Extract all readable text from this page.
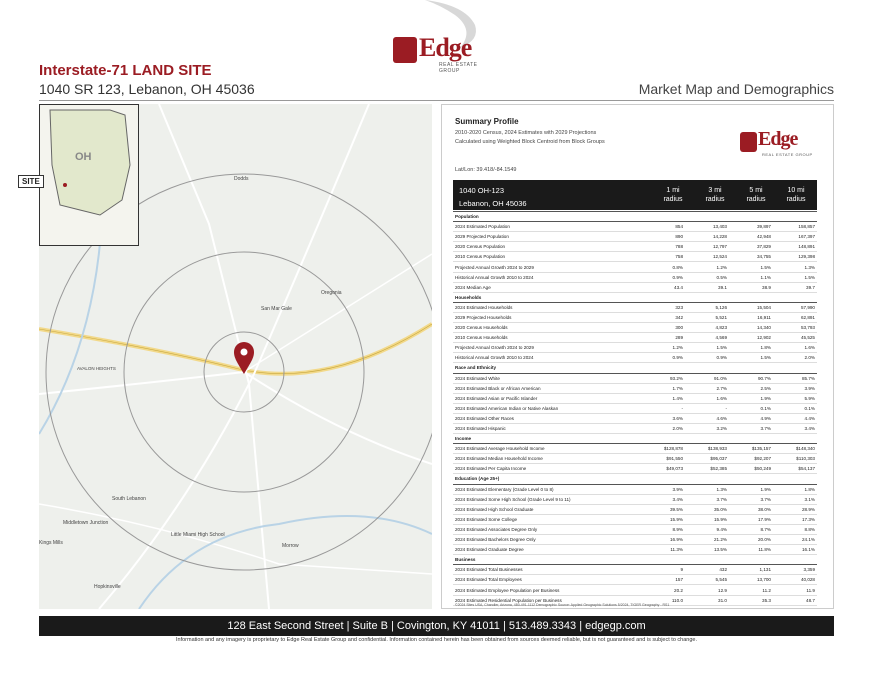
Edge
REAL ESTATE GROUP
Interstate-71 LAND SITE
1040 SR 123, Lebanon, OH 45036	Market Map and Demographics
San Mar Gale
Oregonia
AVALON HEIGHTS
South Lebanon
Middletown Junction
Little Miami High School
Hopkinsville
Morrow
Dodds
Kings Mills
OH
SITE
Summary Profile
2010-2020 Census, 2024 Estimates with 2029 Projections
Calculated using Weighted Block Centroid from Block Groups
Lat/Lon: 39.418/-84.1549
Edge
REAL ESTATE GROUP
1040 OH-123
Lebanon, OH 45036
1 mi
radius
3 mi
radius
5 mi
radius
10 mi
radius
Population				
2024 Estimated Population	854	13,403	39,897	158,857
2029 Projected Population	890	14,228	42,948	167,397
2020 Census Population	788	12,797	37,829	148,891
2010 Census Population	758	12,524	34,755	129,398
Projected Annual Growth 2024 to 2029	0.8%	1.2%	1.5%	1.3%
Historical Annual Growth 2010 to 2024	0.9%	0.5%	1.1%	1.5%
2024 Median Age	43.4	39.1	38.9	39.7
Households				
2024 Estimated Households	323	5,126	15,504	57,990
2029 Projected Households	342	5,521	16,911	62,891
2020 Census Households	300	4,823	14,340	53,793
2010 Census Households	289	4,569	12,902	45,525
Projected Annual Growth 2024 to 2029	1.2%	1.5%	1.8%	1.6%
Historical Annual Growth 2010 to 2024	0.9%	0.9%	1.5%	2.0%
Race and Ethnicity				
2024 Estimated White	93.2%	91.0%	90.7%	85.7%
2024 Estimated Black or African American	1.7%	2.7%	2.5%	3.9%
2024 Estimated Asian or Pacific Islander	1.4%	1.6%	1.9%	5.9%
2024 Estimated American Indian or Native Alaskan	-	-	0.1%	0.1%
2024 Estimated Other Races	3.6%	4.6%	4.9%	4.4%
2024 Estimated Hispanic	2.0%	3.2%	3.7%	3.4%
Income				
2024 Estimated Average Household Income	$128,878	$138,933	$135,157	$148,340
2024 Estimated Median Household Income	$91,550	$95,037	$92,207	$110,303
2024 Estimated Per Capita Income	$49,073	$52,385	$50,249	$54,137
Education (Age 25+)				
2024 Estimated Elementary (Grade Level 0 to 8)	3.9%	1.3%	1.9%	1.8%
2024 Estimated Some High School (Grade Level 9 to 11)	3.4%	3.7%	3.7%	3.1%
2024 Estimated High School Graduate	39.5%	35.0%	38.0%	28.9%
2024 Estimated Some College	15.9%	15.9%	17.9%	17.3%
2024 Estimated Associates Degree Only	8.9%	9.4%	8.7%	8.8%
2024 Estimated Bachelors Degree Only	16.9%	21.2%	20.0%	24.1%
2024 Estimated Graduate Degree	11.3%	13.5%	11.8%	16.1%
Business				
2024 Estimated Total Businesses	9	432	1,131	3,359
2024 Estimated Total Employees	157	5,545	13,700	40,028
2024 Estimated Employee Population per Business	20.2	12.9	11.2	11.9
2024 Estimated Residential Population per Business	110.0	31.0	35.3	48.7
©2024 Sites USA, Chandler, Arizona, 480-491-1112 Demographic Source: Applied Geographic Solutions 5/2024, TIGER Geography - RS1
128 East Second Street | Suite B | Covington, KY 41011 | 513.489.3343 | edgegp.com
Information and any imagery is proprietary to Edge Real Estate Group and confidential. Information contained herein has been obtained from sources deemed reliable, but is not guaranteed and is subject to change.
